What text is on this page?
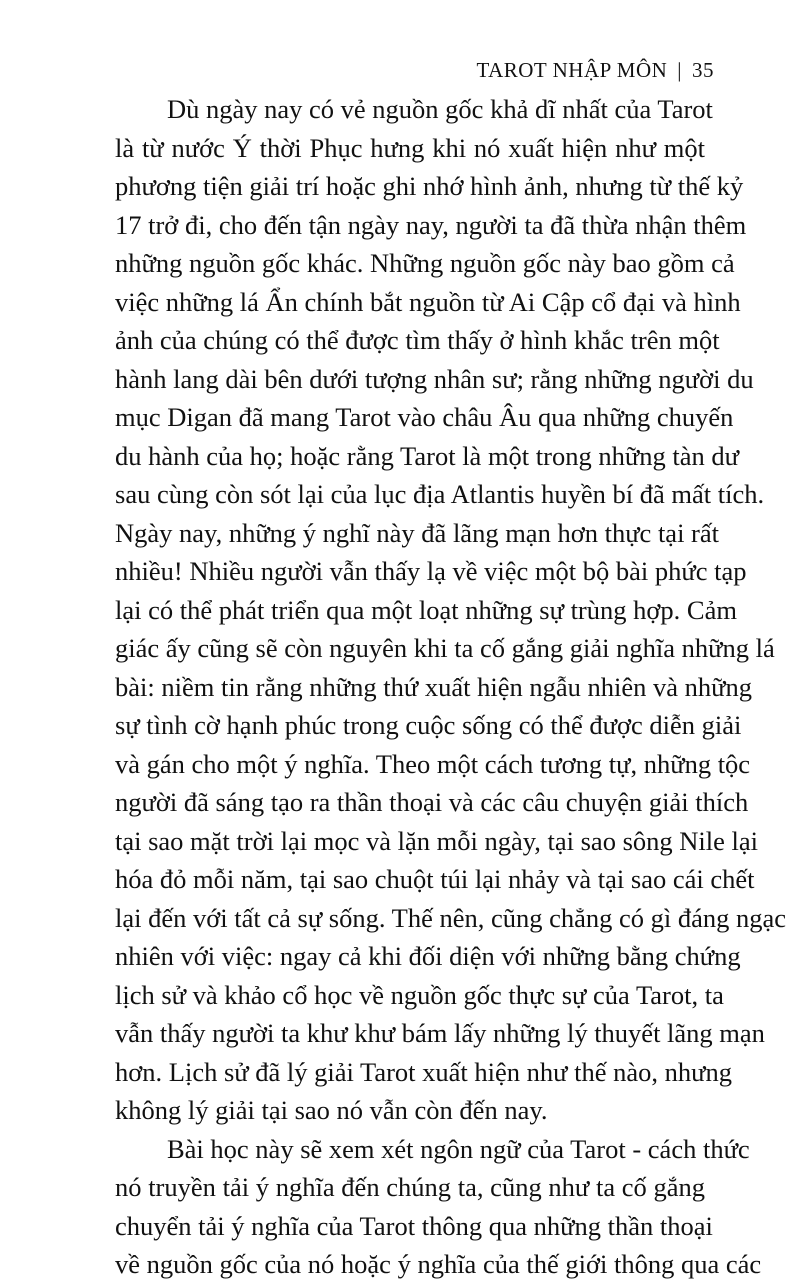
TAROT NHẬP MÔN | 35
Dù ngày nay có vẻ nguồn gốc khả dĩ nhất của Tarot
là từ nước Ý thời Phục hưng khi nó xuất hiện như một
phương tiện giải trí hoặc ghi nhớ hình ảnh, nhưng từ thế kỷ
17 trở đi, cho đến tận ngày nay, người ta đã thừa nhận thêm
những nguồn gốc khác. Những nguồn gốc này bao gồm cả
việc những lá Ẩn chính bắt nguồn từ Ai Cập cổ đại và hình
ảnh của chúng có thể được tìm thấy ở hình khắc trên một
hành lang dài bên dưới tượng nhân sư; rằng những người du
mục Digan đã mang Tarot vào châu Âu qua những chuyến
du hành của họ; hoặc rằng Tarot là một trong những tàn dư
sau cùng còn sót lại của lục địa Atlantis huyền bí đã mất tích.
Ngày nay, những ý nghĩ này đã lãng mạn hơn thực tại rất
nhiều! Nhiều người vẫn thấy lạ về việc một bộ bài phức tạp
lại có thể phát triển qua một loạt những sự trùng hợp. Cảm
giác ấy cũng sẽ còn nguyên khi ta cố gắng giải nghĩa những lá
bài: niềm tin rằng những thứ xuất hiện ngẫu nhiên và những
sự tình cờ hạnh phúc trong cuộc sống có thể được diễn giải
và gán cho một ý nghĩa. Theo một cách tương tự, những tộc
người đã sáng tạo ra thần thoại và các câu chuyện giải thích
tại sao mặt trời lại mọc và lặn mỗi ngày, tại sao sông Nile lại
hóa đỏ mỗi năm, tại sao chuột túi lại nhảy và tại sao cái chết
lại đến với tất cả sự sống. Thế nên, cũng chẳng có gì đáng ngạc
nhiên với việc: ngay cả khi đối diện với những bằng chứng
lịch sử và khảo cổ học về nguồn gốc thực sự của Tarot, ta
vẫn thấy người ta khư khư bám lấy những lý thuyết lãng mạn
hơn. Lịch sử đã lý giải Tarot xuất hiện như thế nào, nhưng
không lý giải tại sao nó vẫn còn đến nay.
Bài học này sẽ xem xét ngôn ngữ của Tarot - cách thức
nó truyền tải ý nghĩa đến chúng ta, cũng như ta cố gắng
chuyển tải ý nghĩa của Tarot thông qua những thần thoại
về nguồn gốc của nó hoặc ý nghĩa của thế giới thông qua các
